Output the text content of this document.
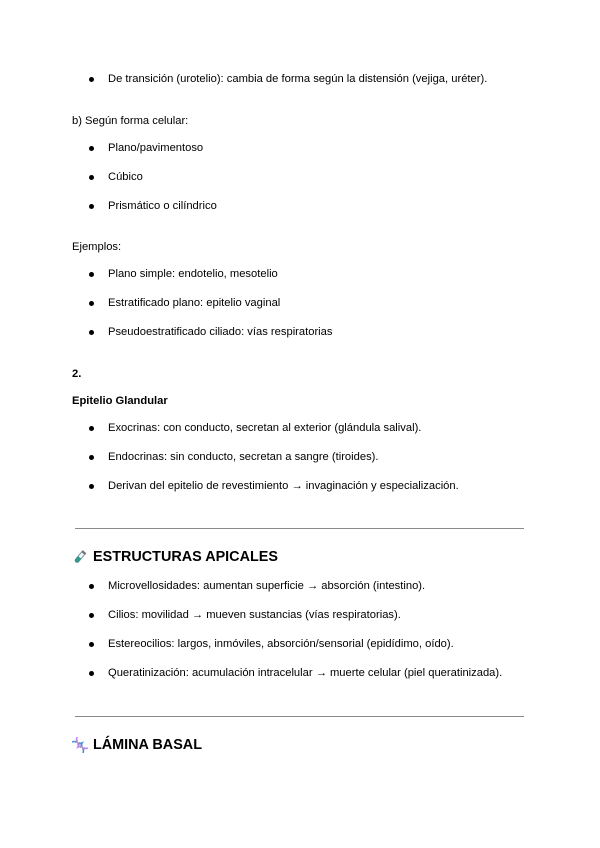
De transición (urotelio): cambia de forma según la distensión (vejiga, uréter).
b) Según forma celular:
Plano/pavimentoso
Cúbico
Prismático o cilíndrico
Ejemplos:
Plano simple: endotelio, mesotelio
Estratificado plano: epitelio vaginal
Pseudoestratificado ciliado: vías respiratorias
2.
Epitelio Glandular
Exocrinas: con conducto, secretan al exterior (glándula salival).
Endocrinas: sin conducto, secretan a sangre (tiroides).
Derivan del epitelio de revestimiento → invaginación y especialización.
ESTRUCTURAS APICALES
Microvellosidades: aumentan superficie → absorción (intestino).
Cilios: movilidad → mueven sustancias (vías respiratorias).
Estereocilios: largos, inmóviles, absorción/sensorial (epidídimo, oído).
Queratinización: acumulación intracelular → muerte celular (piel queratinizada).
LÁMINA BASAL
